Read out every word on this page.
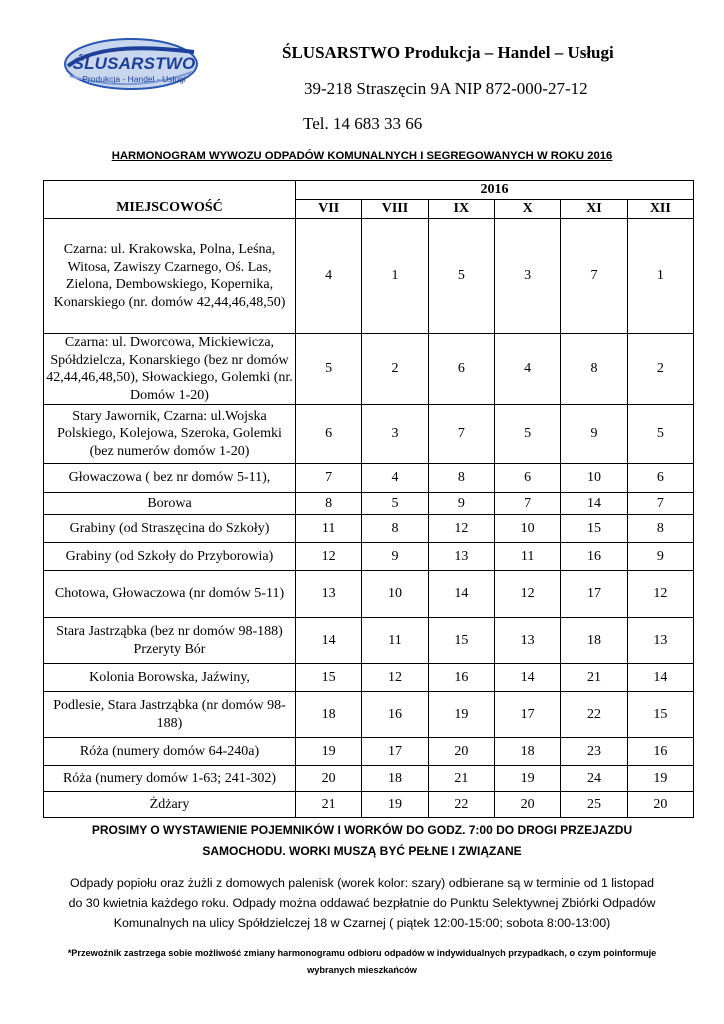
ŚLUSARSTWO
Produkcja - Handel - Usługi
ŚLUSARSTWO Produkcja – Handel – Usługi
39-218 Straszęcin 9A NIP 872-000-27-12
Tel. 14 683 33 66
HARMONOGRAM WYWOZU ODPADÓW KOMUNALNYCH I SEGREGOWANYCH W ROKU 2016
MIEJSCOWOŚĆ	2016					
	VII	VIII	IX	X	XI	XII
Czarna: ul. Krakowska, Polna, Leśna, Witosa, Zawiszy Czarnego, Oś. Las, Zielona, Dembowskiego, Kopernika, Konarskiego (nr. domów 42,44,46,48,50)	4	1	5	3	7	1
Czarna: ul. Dworcowa, Mickiewicza, Spółdzielcza, Konarskiego (bez nr domów 42,44,46,48,50), Słowackiego, Golemki (nr. Domów 1-20)	5	2	6	4	8	2
Stary Jawornik, Czarna: ul.Wojska Polskiego, Kolejowa, Szeroka, Golemki (bez numerów domów 1-20)	6	3	7	5	9	5
Głowaczowa ( bez nr domów 5-11),	7	4	8	6	10	6
Borowa	8	5	9	7	14	7
Grabiny (od Straszęcina do Szkoły)	11	8	12	10	15	8
Grabiny (od Szkoły do Przyborowia)	12	9	13	11	16	9
Chotowa, Głowaczowa (nr domów 5-11)	13	10	14	12	17	12
Stara Jastrząbka (bez nr domów 98-188) Przeryty Bór	14	11	15	13	18	13
Kolonia Borowska, Jaźwiny,	15	12	16	14	21	14
Podlesie, Stara Jastrząbka (nr domów 98-188)	18	16	19	17	22	15
Róża (numery domów 64-240a)	19	17	20	18	23	16
Róża (numery domów 1-63; 241-302)	20	18	21	19	24	19
Żdżary	21	19	22	20	25	20
PROSIMY O WYSTAWIENIE POJEMNIKÓW I WORKÓW DO GODZ. 7:00 DO DROGI PRZEJAZDU
SAMOCHODU. WORKI MUSZĄ BYĆ PEŁNE I ZWIĄZANE
Odpady popiołu oraz żużli z domowych palenisk (worek kolor: szary) odbierane są w terminie od 1 listopad
do 30 kwietnia każdego roku. Odpady można oddawać bezpłatnie do Punktu Selektywnej Zbiórki Odpadów
Komunalnych na ulicy Spółdzielczej 18 w Czarnej ( piątek 12:00-15:00; sobota 8:00-13:00)
*Przewoźnik zastrzega sobie możliwość zmiany harmonogramu odbioru odpadów w indywidualnych przypadkach, o czym poinformuje
wybranych mieszkańców
